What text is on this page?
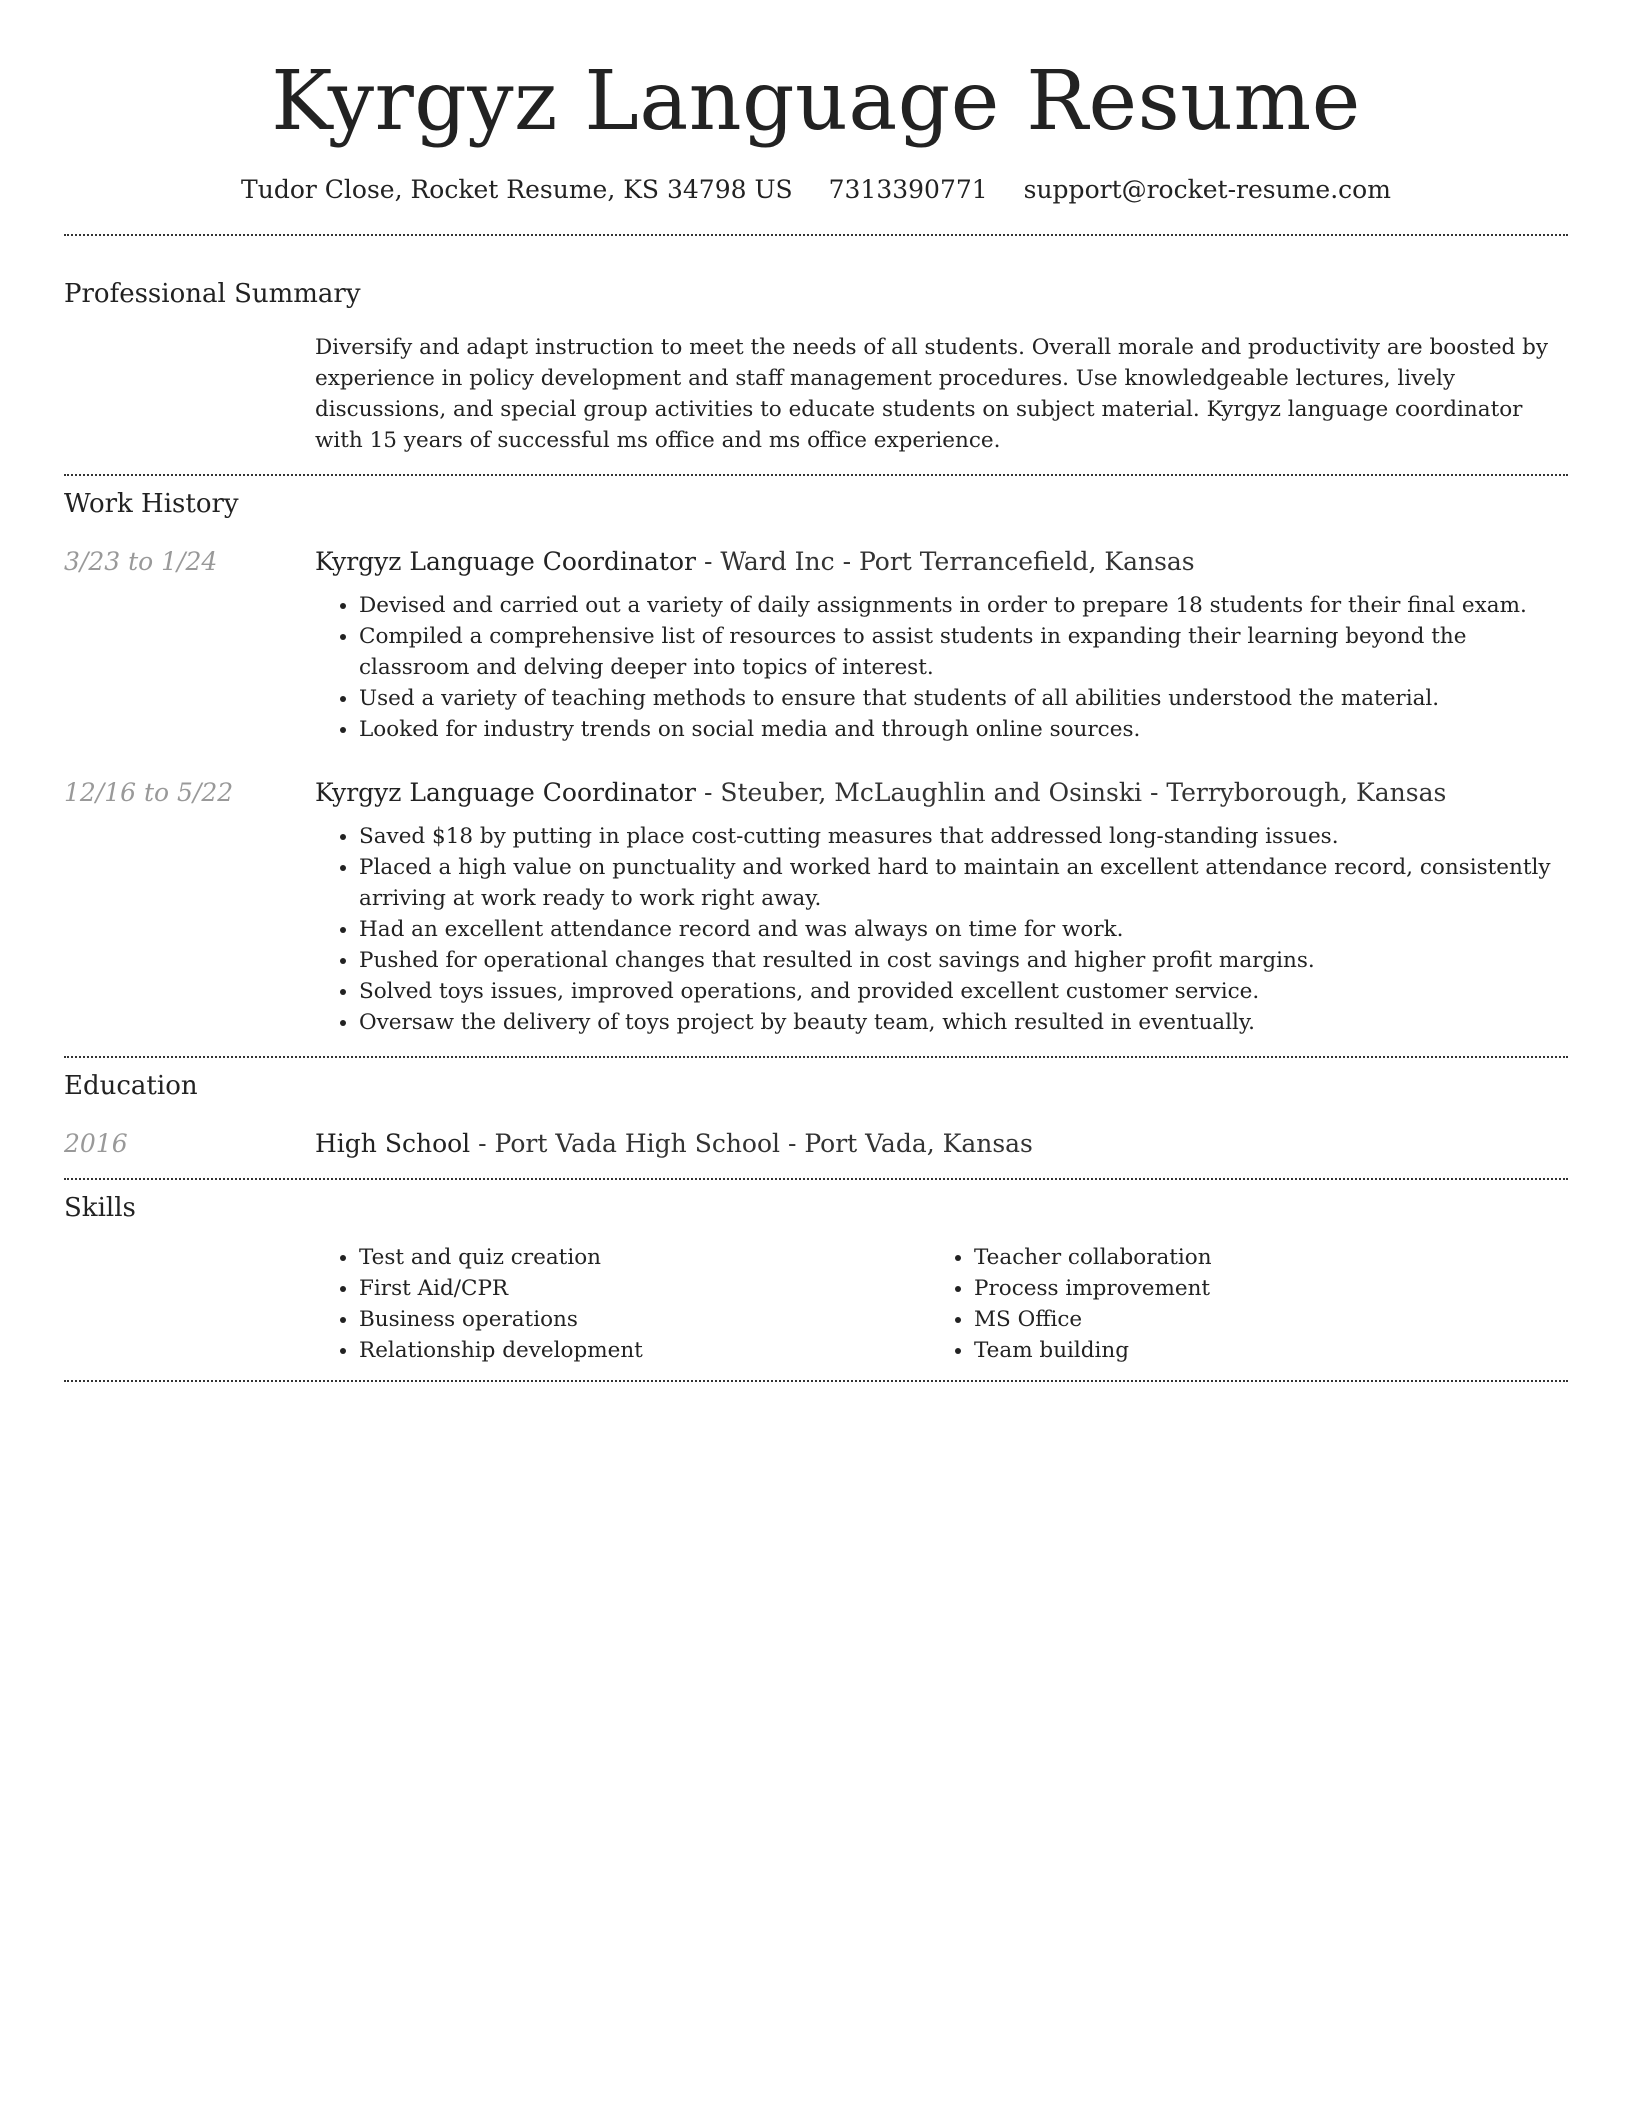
Kyrgyz Language Resume
Tudor Close, Rocket Resume, KS 34798 US 7313390771 support@rocket-resume.com
Professional Summary

Diversify and adapt instruction to meet the needs of all students. Overall morale and productivity are boosted by experience in policy development and staff management procedures. Use knowledgeable lectures, lively discussions, and special group activities to educate students on subject material. Kyrgyz language coordinator with 15 years of successful ms office and ms office experience.

Work History
3/23 to 1/24	Kyrgyz Language Coordinator - Ward Inc - Port Terrancefield, Kansas
• Devised and carried out a variety of daily assignments in order to prepare 18 students for their final exam.
• Compiled a comprehensive list of resources to assist students in expanding their learning beyond the classroom and delving deeper into topics of interest.
• Used a variety of teaching methods to ensure that students of all abilities understood the material.
• Looked for industry trends on social media and through online sources.
12/16 to 5/22	Kyrgyz Language Coordinator - Steuber, McLaughlin and Osinski - Terryborough, Kansas
• Saved $18 by putting in place cost-cutting measures that addressed long-standing issues.
• Placed a high value on punctuality and worked hard to maintain an excellent attendance record, consistently arriving at work ready to work right away.
• Had an excellent attendance record and was always on time for work.
• Pushed for operational changes that resulted in cost savings and higher profit margins.
• Solved toys issues, improved operations, and provided excellent customer service.
• Oversaw the delivery of toys project by beauty team, which resulted in eventually.
Education
2016	High School - Port Vada High School - Port Vada, Kansas
Skills
• Test and quiz creation
• First Aid/CPR
• Business operations
• Relationship development
• Teacher collaboration
• Process improvement
• MS Office
• Team building
